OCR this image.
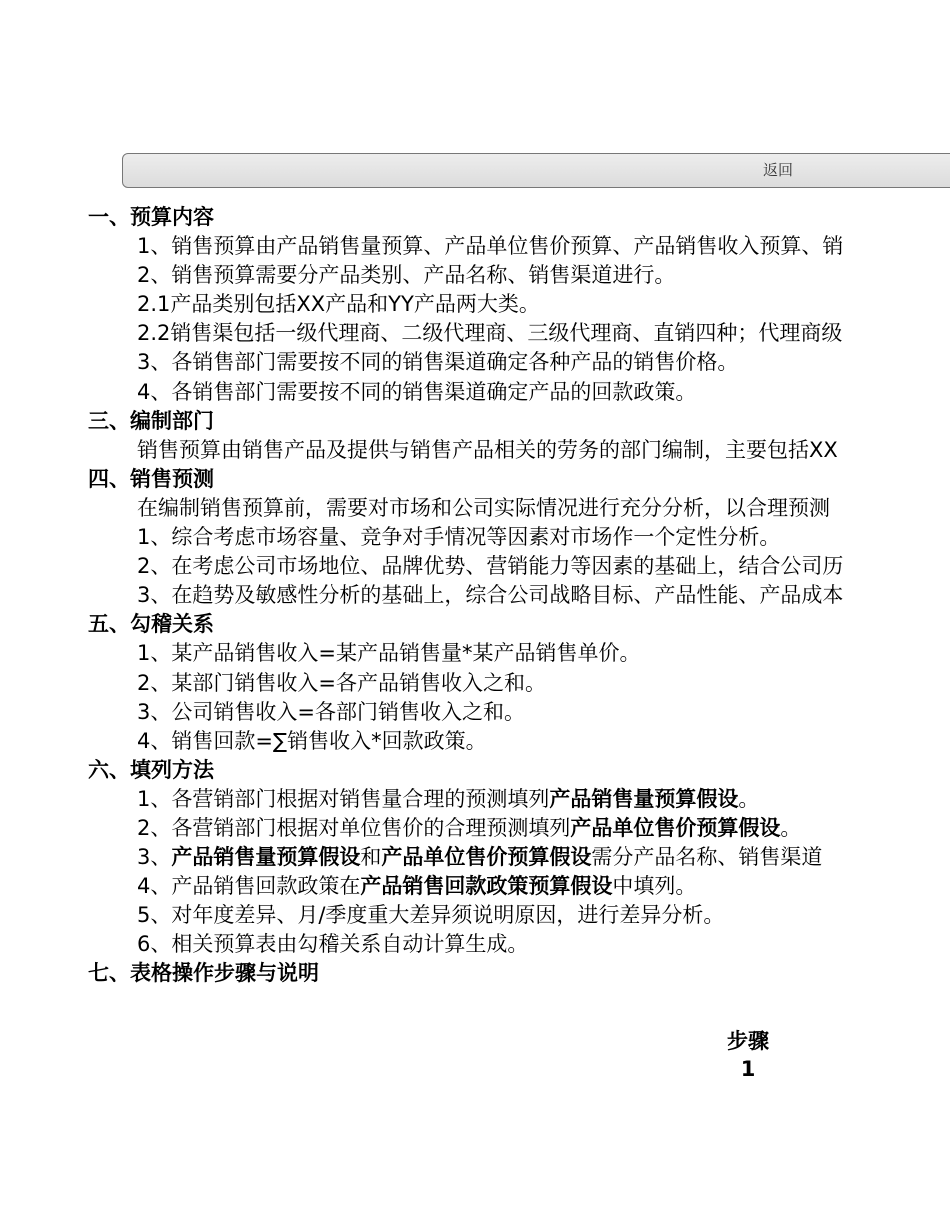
返回
一、预算内容
1、销售预算由产品销售量预算、产品单位售价预算、产品销售收入预算、销
2、销售预算需要分产品类别、产品名称、销售渠道进行。
2.1产品类别包括XX产品和YY产品两大类。
2.2销售渠包括一级代理商、二级代理商、三级代理商、直销四种；代理商级
3、各销售部门需要按不同的销售渠道确定各种产品的销售价格。
4、各销售部门需要按不同的销售渠道确定产品的回款政策。
三、编制部门
销售预算由销售产品及提供与销售产品相关的劳务的部门编制，主要包括XX
四、销售预测
在编制销售预算前，需要对市场和公司实际情况进行充分分析，以合理预测
1、综合考虑市场容量、竞争对手情况等因素对市场作一个定性分析。
2、在考虑公司市场地位、品牌优势、营销能力等因素的基础上，结合公司历
3、在趋势及敏感性分析的基础上，综合公司战略目标、产品性能、产品成本
五、勾稽关系
1、某产品销售收入=某产品销售量*某产品销售单价。
2、某部门销售收入=各产品销售收入之和。
3、公司销售收入=各部门销售收入之和。
4、销售回款=∑销售收入*回款政策。
六、填列方法
1、各营销部门根据对销售量合理的预测填列产品销售量预算假设。
2、各营销部门根据对单位售价的合理预测填列产品单位售价预算假设。
3、产品销售量预算假设和产品单位售价预算假设需分产品名称、销售渠道
4、产品销售回款政策在产品销售回款政策预算假设中填列。
5、对年度差异、月/季度重大差异须说明原因，进行差异分析。
6、相关预算表由勾稽关系自动计算生成。
七、表格操作步骤与说明
步骤
1
